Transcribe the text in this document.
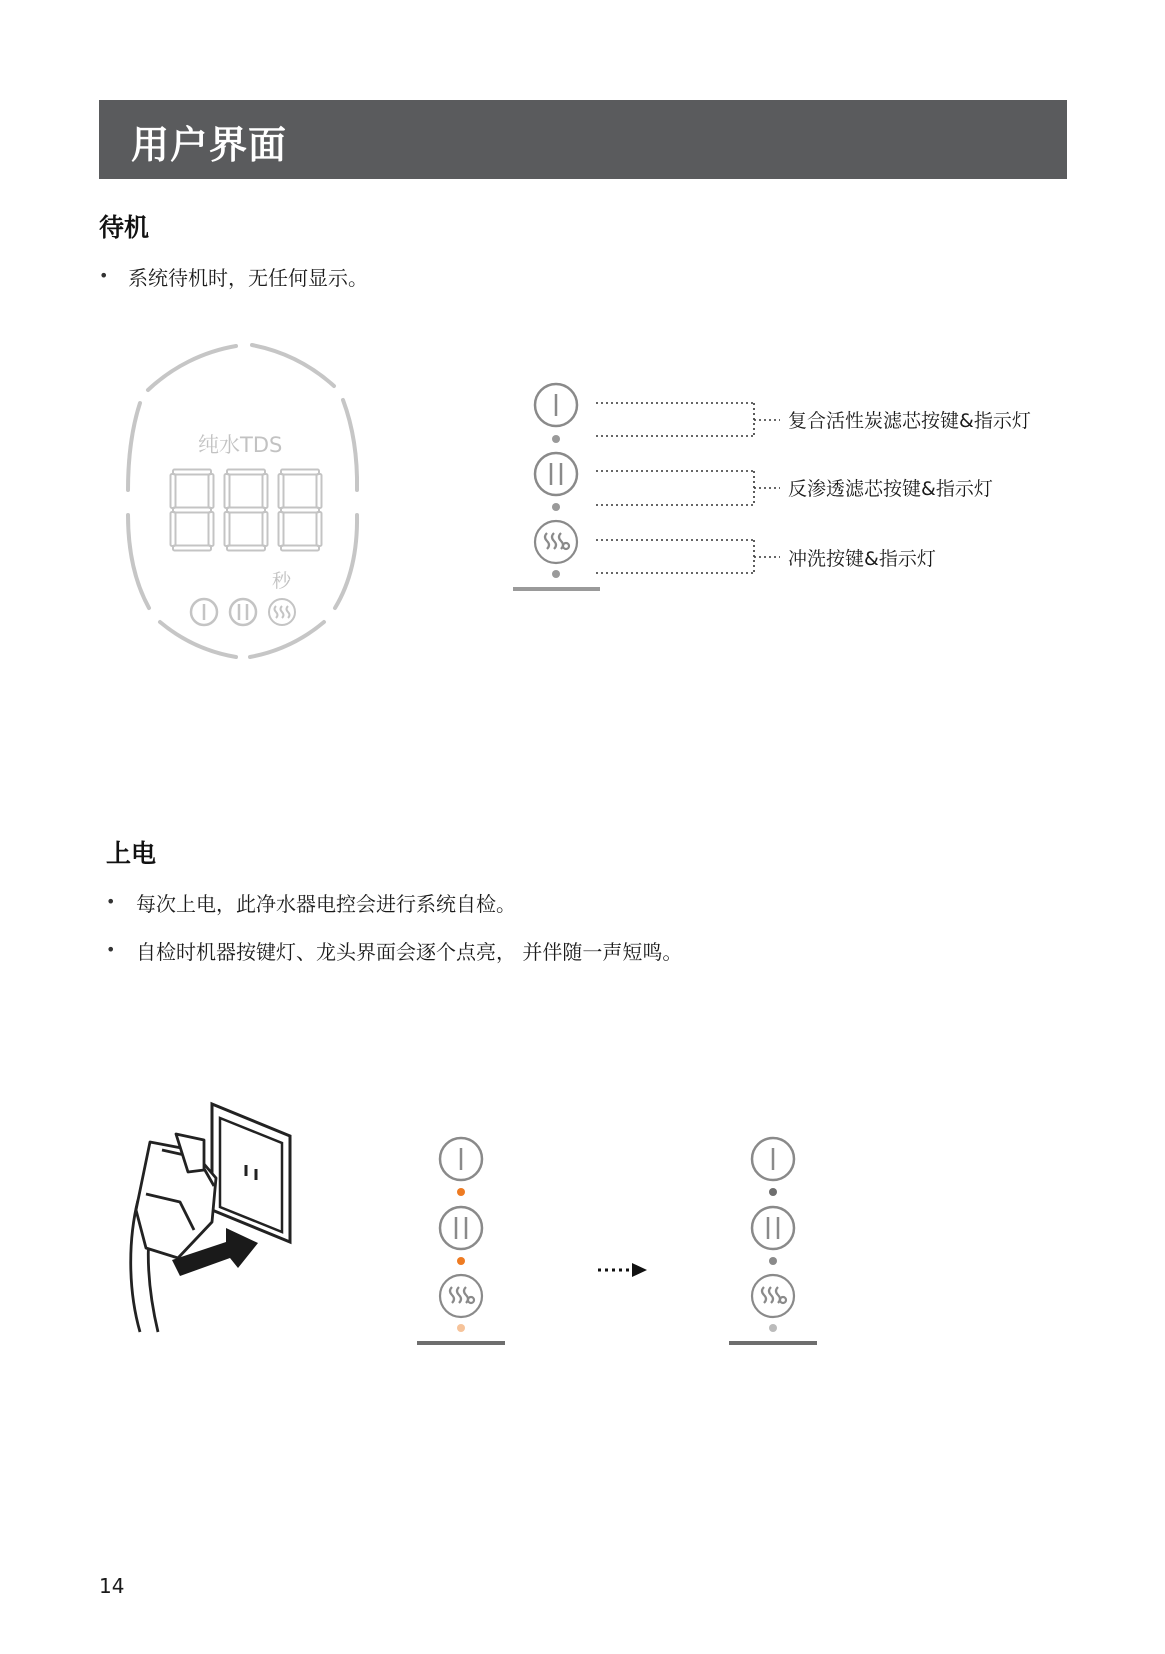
用户界面
待机
• 系统待机时，无任何显示。
上电
• 每次上电，此净水器电控会进行系统自检。
• 自检时机器按键灯、龙头界面会逐个点亮， 并伴随一声短鸣。
14
纯水TDS
秒
复合活性炭滤芯按键&指示灯
反渗透滤芯按键&指示灯
冲洗按键&指示灯
